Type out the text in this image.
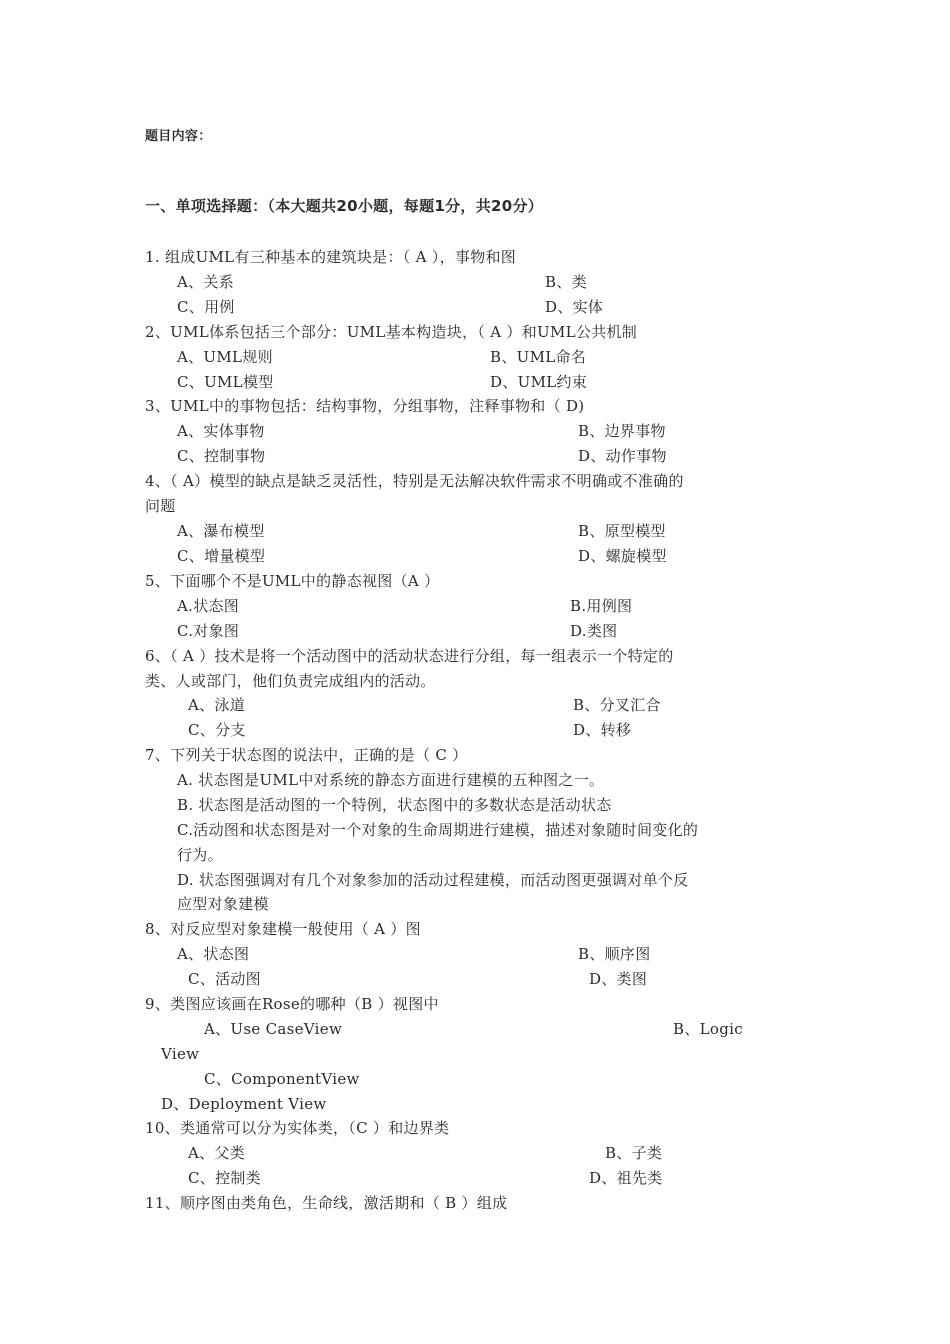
题目内容：
一、单项选择题：（本大题共20小题，每题1分，共20分）
1. 组成UML有三种基本的建筑块是：（ A ），事物和图
A、关系	B、类
C、用例	D、实体
2、UML体系包括三个部分：UML基本构造块，（ A ）和UML公共机制
A、UML规则	B、UML命名
C、UML模型	D、UML约束
3、UML中的事物包括：结构事物，分组事物，注释事物和（ D)
A、实体事物	B、边界事物
C、控制事物	D、动作事物
4、（ A）模型的缺点是缺乏灵活性，特别是无法解决软件需求不明确或不准确的
问题
A、瀑布模型	B、原型模型
C、增量模型	D、螺旋模型
5、下面哪个不是UML中的静态视图（A ）
A.状态图	B.用例图
C.对象图	D.类图
6、（ A ）技术是将一个活动图中的活动状态进行分组，每一组表示一个特定的
类、人或部门，他们负责完成组内的活动。
A、泳道	B、分叉汇合
C、分支	D、转移
7、下列关于状态图的说法中，正确的是（ C ）
A. 状态图是UML中对系统的静态方面进行建模的五种图之一。
B. 状态图是活动图的一个特例，状态图中的多数状态是活动状态
C.活动图和状态图是对一个对象的生命周期进行建模，描述对象随时间变化的
行为。
D. 状态图强调对有几个对象参加的活动过程建模，而活动图更强调对单个反
应型对象建模
8、对反应型对象建模一般使用（ A ）图
A、状态图	B、顺序图
C、活动图	D、类图
9、类图应该画在Rose的哪种（B ）视图中
A、Use CaseView	B、Logic
View
C、ComponentView
D、Deployment View
10、类通常可以分为实体类，（C ）和边界类
A、父类	B、子类
C、控制类	D、祖先类
11、顺序图由类角色，生命线，激活期和（ B ）组成
